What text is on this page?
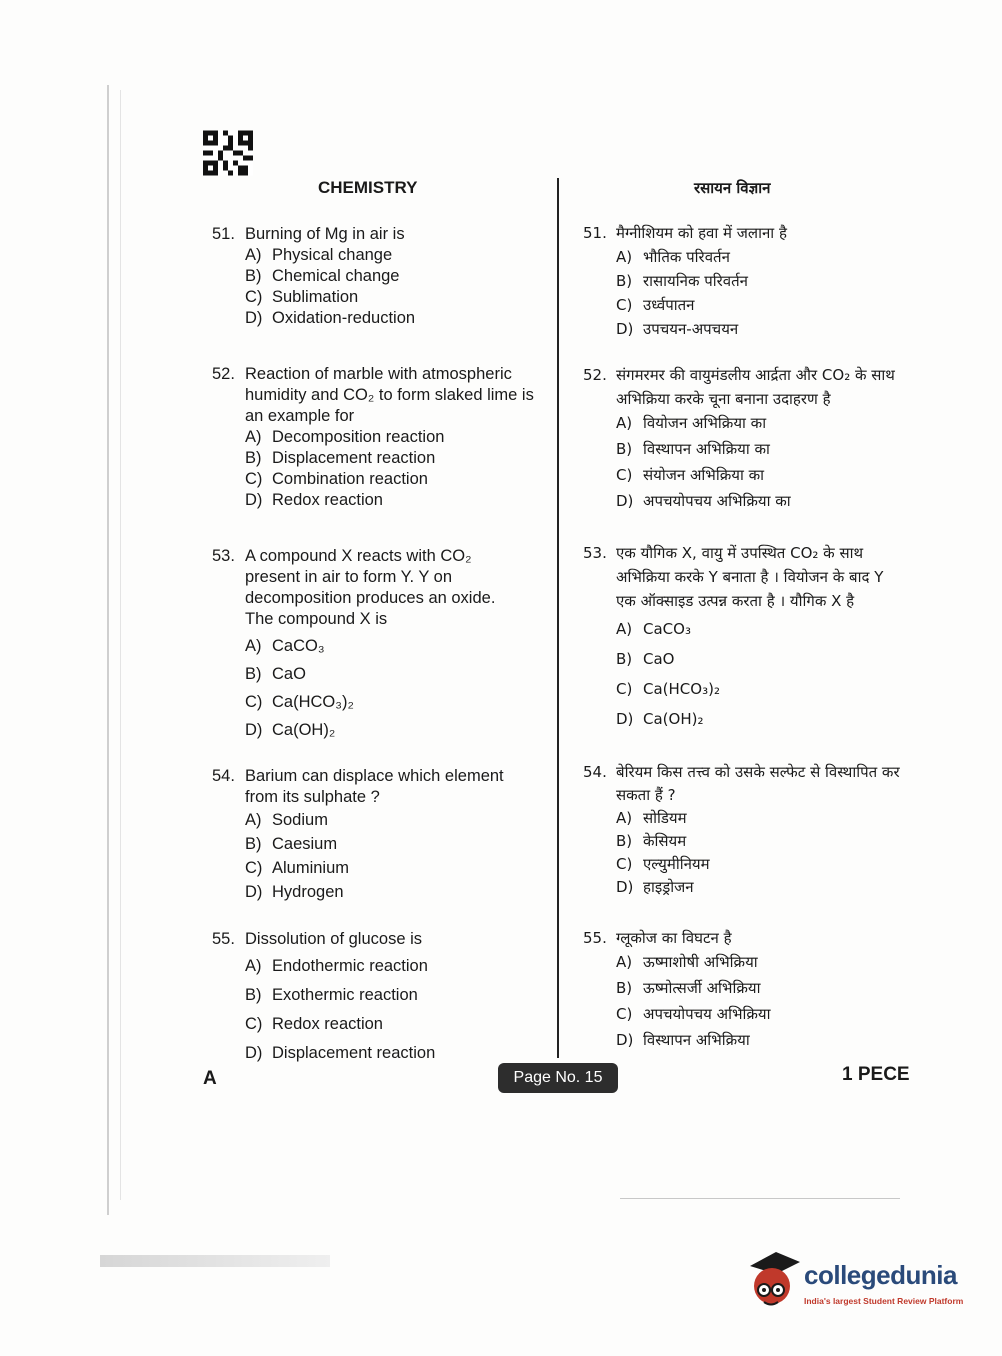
CHEMISTRY	रसायन विज्ञान
51. Burning of Mg in air is
A) Physical change
B) Chemical change
C) Sublimation
D) Oxidation-reduction
52. Reaction of marble with atmospheric humidity and CO₂ to form slaked lime is an example for
A) Decomposition reaction
B) Displacement reaction
C) Combination reaction
D) Redox reaction
53. A compound X reacts with CO₂ present in air to form Y. Y on decomposition produces an oxide. The compound X is
A) CaCO₃
B) CaO
C) Ca(HCO₃)₂
D) Ca(OH)₂
54. Barium can displace which element from its sulphate ?
A) Sodium
B) Caesium
C) Aluminium
D) Hydrogen
55. Dissolution of glucose is
A) Endothermic reaction
B) Exothermic reaction
C) Redox reaction
D) Displacement reaction
51. मैग्नीशियम को हवा में जलाना है
A) भौतिक परिवर्तन
B) रासायनिक परिवर्तन
C) उर्ध्वपातन
D) उपचयन-अपचयन
52. संगमरमर की वायुमंडलीय आर्द्रता और CO₂ के साथ अभिक्रिया करके चूना बनाना उदाहरण है
A) वियोजन अभिक्रिया का
B) विस्थापन अभिक्रिया का
C) संयोजन अभिक्रिया का
D) अपचयोपचय अभिक्रिया का
53. एक यौगिक X, वायु में उपस्थित CO₂ के साथ अभिक्रिया करके Y बनाता है । वियोजन के बाद Y एक ऑक्साइड उत्पन्न करता है । यौगिक X है
A) CaCO₃
B) CaO
C) Ca(HCO₃)₂
D) Ca(OH)₂
54. बेरियम किस तत्त्व को उसके सल्फेट से विस्थापित कर सकता हैं ?
A) सोडियम
B) केसियम
C) एल्युमीनियम
D) हाइड्रोजन
55. ग्लूकोज का विघटन है
A) ऊष्माशोषी अभिक्रिया
B) ऊष्मोत्सर्जी अभिक्रिया
C) अपचयोपचय अभिक्रिया
D) विस्थापन अभिक्रिया
A	Page No. 15	1 PECE
collegedunia
India's largest Student Review Platform
